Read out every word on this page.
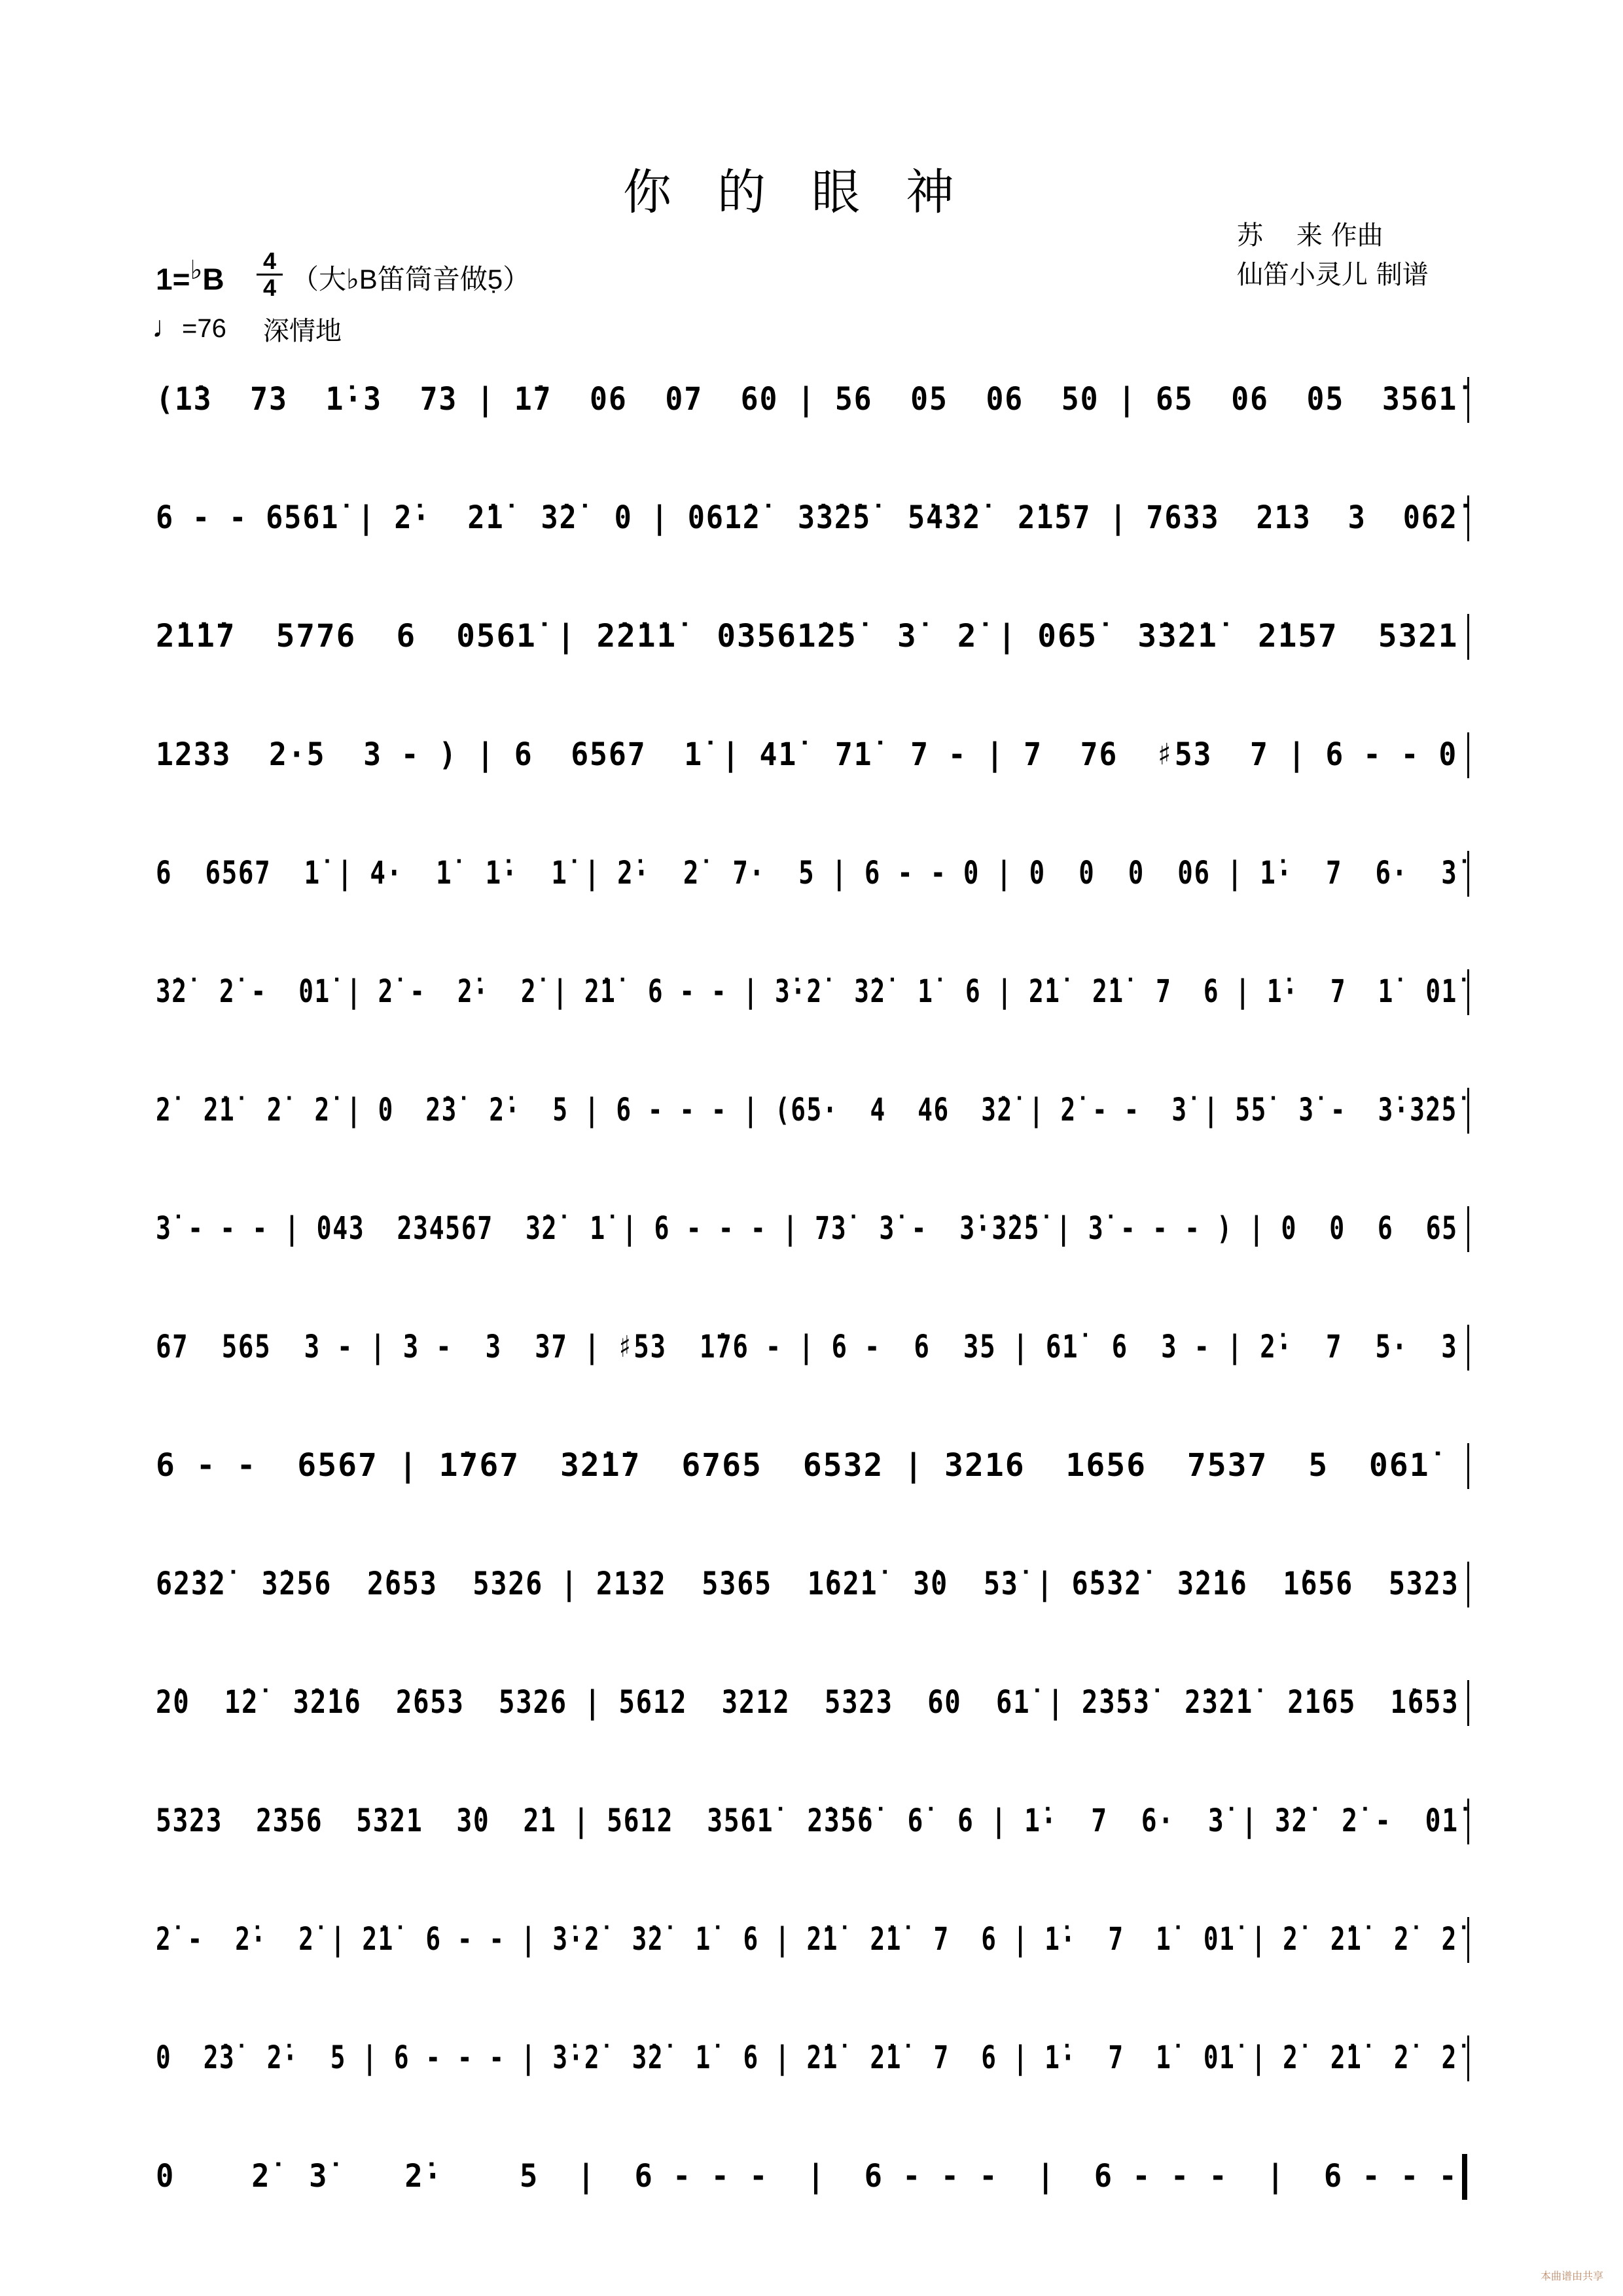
你的眼神
苏    来 作曲
仙笛小灵儿 制谱
1=♭B $\frac{4}{4}$ （大♭B笛筒音做5̣）
♩=76 深情地
(1̇3  73  1̇·3  73 | 1̇7  06  07  60 | 56  05  06  50 | 65  06  05  3561̇
6 - - 6561̇ | 2̇·  2̇1̇  3̇2̇  0 | 061̇2̇  3̇3̇2̇5̇  5̇4̇3̇2̇  2̇1̇57 | 7633  213  3  062̇
2̇1̇1̇7  5776  6  0561̇ | 2̇2̇1̇1̇  03561̇2̇5̇  3̇  2̇ | 065̇  3̇3̇2̇1̇  2̇157  5321
1233  2·5  3 - ) | 6  6567  1̇ | 41̇  71̇  7 - | 7  76  ♯53  7 | 6 - - 0
6  6567  1̇ | 4·  1̇  1̇·  1̇ | 2̇·  2̇  7·  5 | 6 - - 0 | 0  0  0  06 | 1̇·  7  6·  3̇
3̇2̇  2̇ -  01̇ | 2̇ -  2̇·  2̇ | 2̇1̇  6 - - | 3̇·2̇  3̇2̇  1̇  6 | 2̇1̇  2̇1̇  7  6 | 1̇·  7  1̇  01̇
2̇  2̇1̇  2̇  2̇ | 0  2̇3̇  2̇·  5 | 6 - - - | (65·  4  46  3̇2̇ | 2̇ - -  3̇ | 55̇  3̇ -  3̇·3̇2̇5̇
3̇ - - - | 043  234567  3̇2̇  1̇ | 6 - - - | 73̇  3̇ -  3̇·3̇2̇5̇ | 3̇ - - - ) | 0  0  6  65
67  565  3 - | 3 -  3  37 | ♯53  1̇76 - | 6 -  6  35 | 61̇  6  3 - | 2̇·  7  5·  3
6 - -  6567 | 1̇767  3̇2̇1̇7  6765  6532 | 3216  1656  7537  5  061̇
62̇3̇2̇  3̇256  2̇653  5326 | 2132  5365  1̇62̇1̇  3̇0  53̇ | 6̇5̇3̇2̇  3̇2̇1̇6  1̇656  5323
2̇0  1̇2̇  3̇2̇1̇6  2̇653  5326 | 5612  3212  5323  60  61̇ | 2̇3̇5̇3̇  2̇3̇2̇1̇  2̇165  1̇653
5323  2356  5321  3̇0  2̇1 | 5612  3561̇  2̇3̇5̇6̇  6̇  6 | 1̇·  7  6·  3̇ | 3̇2̇  2̇ -  01̇
2̇ -  2̇·  2̇ | 2̇1̇  6 - - | 3̇·2̇  3̇2̇  1̇  6 | 2̇1̇  2̇1̇  7  6 | 1̇·  7  1̇  01̇ | 2̇  2̇1̇  2̇  2̇
0  2̇3̇  2̇·  5 | 6 - - - | 3̇·2̇  3̇2̇  1̇  6 | 2̇1̇  2̇1̇  7  6 | 1̇·  7  1̇  01̇ | 2̇  2̇1̇  2̇  2̇
0    2̇  3̇    2̇·    5  |  6 - - -  |  6 - - -  |  6 - - -  |  6 - - -
本曲谱由共享
